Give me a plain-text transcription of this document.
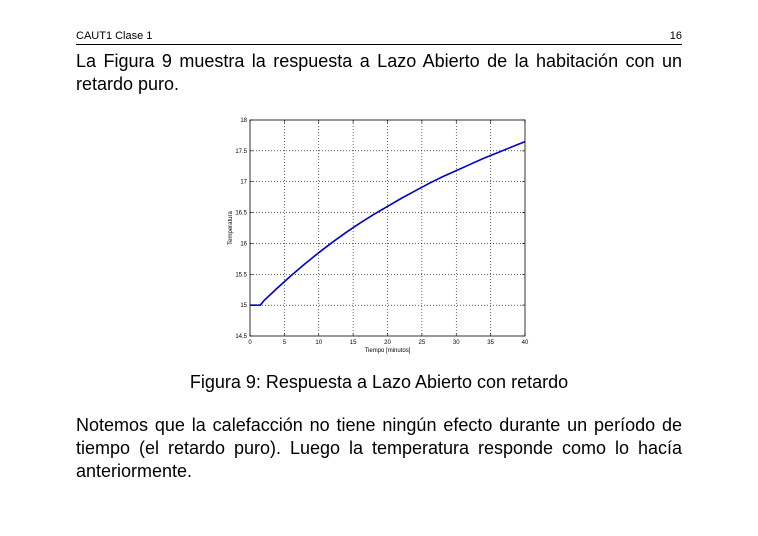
CAUT1 Clase 1	16
La Figura 9 muestra la respuesta a Lazo Abierto de la habitación con un retardo puro.
0	5	10	15	20	25	30	35	40
14.5
15
15.5
16
16.5
17
17.5
18
Tiempo [minutos]
Temperatura
Figura 9: Respuesta a Lazo Abierto con retardo
Notemos que la calefacción no tiene ningún efecto durante un período de tiempo (el retardo puro). Luego la temperatura responde como lo hacía anteriormente.
